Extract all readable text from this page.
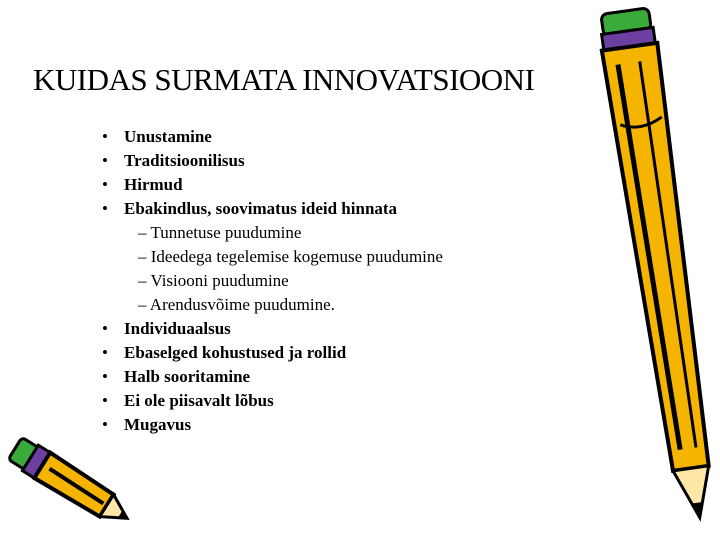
KUIDAS SURMATA INNOVATSIOONI
• Unustamine
• Traditsioonilisus
• Hirmud
• Ebakindlus, soovimatus ideid hinnata
– Tunnetuse puudumine
– Ideedega tegelemise kogemuse puudumine
– Visiooni puudumine
– Arendusvõime puudumine.
• Individuaalsus
• Ebaselged kohustused ja rollid
• Halb sooritamine
• Ei ole piisavalt lõbus
• Mugavus
